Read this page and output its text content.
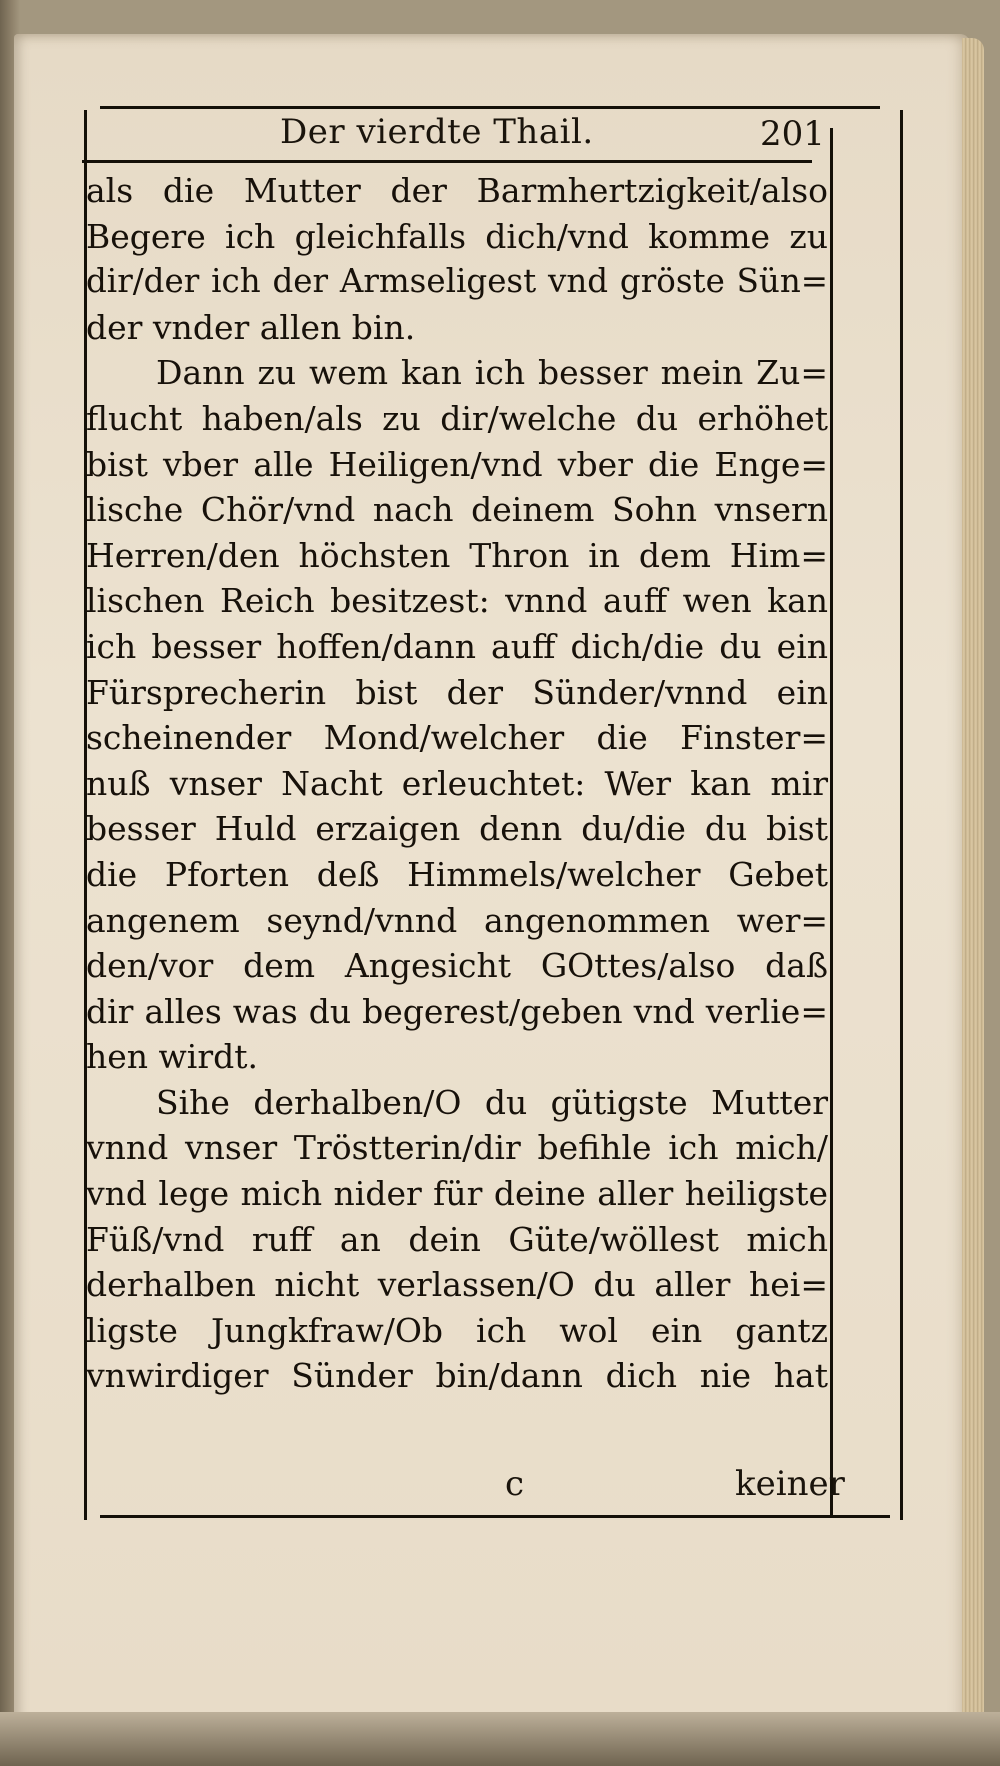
Der vierdte Thail.	201
als die Mutter der Barmhertzigkeit/also
Begere ich gleichfalls dich/vnd komme zu
dir/der ich der Armseligest vnd gröste Sün=
der vnder allen bin.
Dann zu wem kan ich besser mein Zu=
flucht haben/als zu dir/welche du erhöhet
bist vber alle Heiligen/vnd vber die Enge=
lische Chör/vnd nach deinem Sohn vnsern
Herren/den höchsten Thron in dem Him=
lischen Reich besitzest: vnnd auff wen kan
ich besser hoffen/dann auff dich/die du ein
Fürsprecherin bist der Sünder/vnnd ein
scheinender Mond/welcher die Finster=
nuß vnser Nacht erleuchtet: Wer kan mir
besser Huld erzaigen denn du/die du bist
die Pforten deß Himmels/welcher Gebet
angenem seynd/vnnd angenommen wer=
den/vor dem Angesicht GOttes/also daß
dir alles was du begerest/geben vnd verlie=
hen wirdt.
Sihe derhalben/O du gütigste Mutter
vnnd vnser Tröstterin/dir befihle ich mich/
vnd lege mich nider für deine aller heiligste
Füß/vnd ruff an dein Güte/wöllest mich
derhalben nicht verlassen/O du aller hei=
ligste Jungkfraw/Ob ich wol ein gantz
vnwirdiger Sünder bin/dann dich nie hat
c	keiner
